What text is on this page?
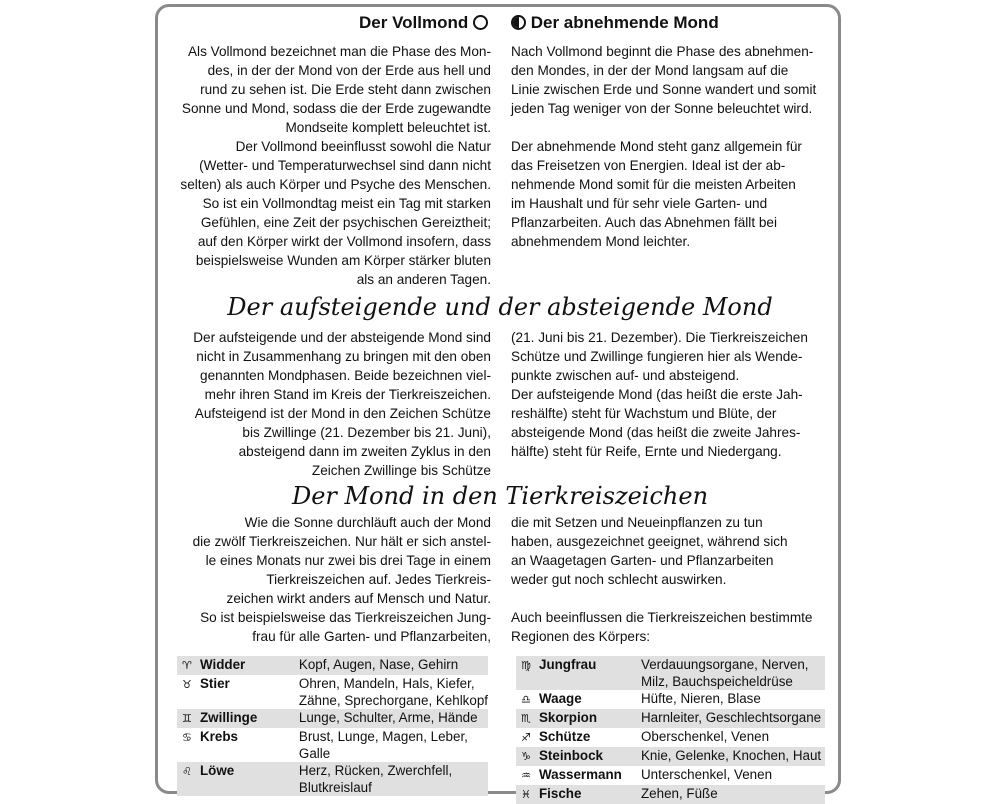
Der Vollmond	Der abnehmende Mond
Als Vollmond bezeichnet man die Phase des Mon-
des, in der der Mond von der Erde aus hell und
rund zu sehen ist. Die Erde steht dann zwischen
Sonne und Mond, sodass die der Erde zugewandte
Mondseite komplett beleuchtet ist.
Der Vollmond beeinflusst sowohl die Natur
(Wetter- und Temperaturwechsel sind dann nicht
selten) als auch Körper und Psyche des Menschen.
So ist ein Vollmondtag meist ein Tag mit starken
Gefühlen, eine Zeit der psychischen Gereiztheit;
auf den Körper wirkt der Vollmond insofern, dass
beispielsweise Wunden am Körper stärker bluten
als an anderen Tagen.
Nach Vollmond beginnt die Phase des abnehmen-
den Mondes, in der der Mond langsam auf die
Linie zwischen Erde und Sonne wandert und somit
jeden Tag weniger von der Sonne beleuchtet wird.

Der abnehmende Mond steht ganz allgemein für
das Freisetzen von Energien. Ideal ist der ab-
nehmende Mond somit für die meisten Arbeiten
im Haushalt und für sehr viele Garten- und
Pflanzarbeiten. Auch das Abnehmen fällt bei
abnehmendem Mond leichter.
Der aufsteigende und der absteigende Mond
Der aufsteigende und der absteigende Mond sind
nicht in Zusammenhang zu bringen mit den oben
genannten Mondphasen. Beide bezeichnen viel-
mehr ihren Stand im Kreis der Tierkreiszeichen.
Aufsteigend ist der Mond in den Zeichen Schütze
bis Zwillinge (21. Dezember bis 21. Juni),
absteigend dann im zweiten Zyklus in den
Zeichen Zwillinge bis Schütze
(21. Juni bis 21. Dezember). Die Tierkreiszeichen
Schütze und Zwillinge fungieren hier als Wende-
punkte zwischen auf- und absteigend.
Der aufsteigende Mond (das heißt die erste Jah-
reshälfte) steht für Wachstum und Blüte, der
absteigende Mond (das heißt die zweite Jahres-
hälfte) steht für Reife, Ernte und Niedergang.
Der Mond in den Tierkreiszeichen
Wie die Sonne durchläuft auch der Mond
die zwölf Tierkreiszeichen. Nur hält er sich anstel-
le eines Monats nur zwei bis drei Tage in einem
Tierkreiszeichen auf. Jedes Tierkreis-
zeichen wirkt anders auf Mensch und Natur.
So ist beispielsweise das Tierkreiszeichen Jung-
frau für alle Garten- und Pflanzarbeiten,
die mit Setzen und Neueinpflanzen zu tun
haben, ausgezeichnet geeignet, während sich
an Waagetagen Garten- und Pflanzarbeiten
weder gut noch schlecht auswirken.

Auch beeinflussen die Tierkreiszeichen bestimmte
Regionen des Körpers:
♈ Widder	Kopf, Augen, Nase, Gehirn

♉ Stier	Ohren, Mandeln, Hals, Kiefer,
Zähne, Sprechorgane, Kehlkopf

♊ Zwillinge	Lunge, Schulter, Arme, Hände

♋ Krebs	Brust, Lunge, Magen, Leber,
Galle

♌ Löwe	Herz, Rücken, Zwerchfell,
Blutkreislauf
♍ Jungfrau	Verdauungsorgane, Nerven,
Milz, Bauchspeicheldrüse

♎ Waage	Hüfte, Nieren, Blase

♏ Skorpion	Harnleiter, Geschlechtsorgane

♐ Schütze	Oberschenkel, Venen

♑ Steinbock	Knie, Gelenke, Knochen, Haut

♒ Wassermann	Unterschenkel, Venen

♓ Fische	Zehen, Füße
